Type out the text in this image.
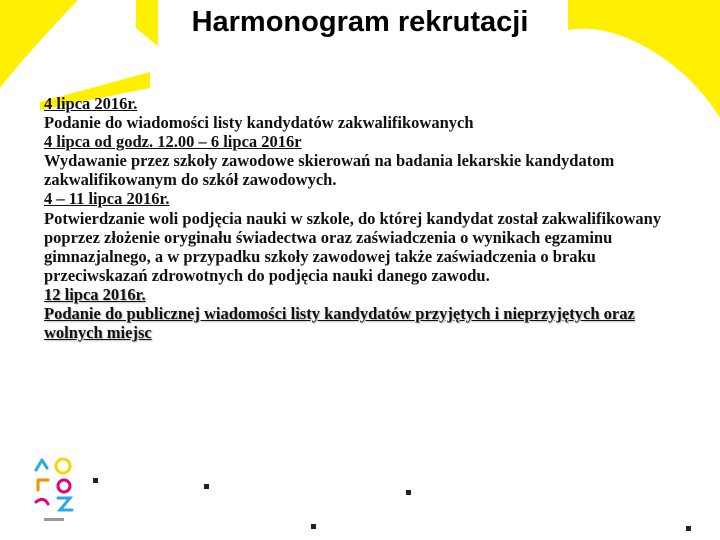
Harmonogram rekrutacji

4 lipca 2016r.

Podanie do wiadomości listy kandydatów zakwalifikowanych

4 lipca od godz. 12.00 – 6 lipca 2016r

Wydawanie przez szkoły zawodowe skierowań na badania lekarskie kandydatom zakwalifikowanym do szkół zawodowych.

4 – 11 lipca 2016r.

Potwierdzanie woli podjęcia nauki w szkole, do której kandydat został zakwalifikowany poprzez złożenie oryginału świadectwa oraz zaświadczenia o wynikach egzaminu gimnazjalnego, a w przypadku szkoły zawodowej także zaświadczenia o braku przeciwskazań zdrowotnych do podjęcia nauki danego zawodu.

12 lipca 2016r.

Podanie do publicznej wiadomości listy kandydatów przyjętych i nieprzyjętych oraz wolnych miejsc
